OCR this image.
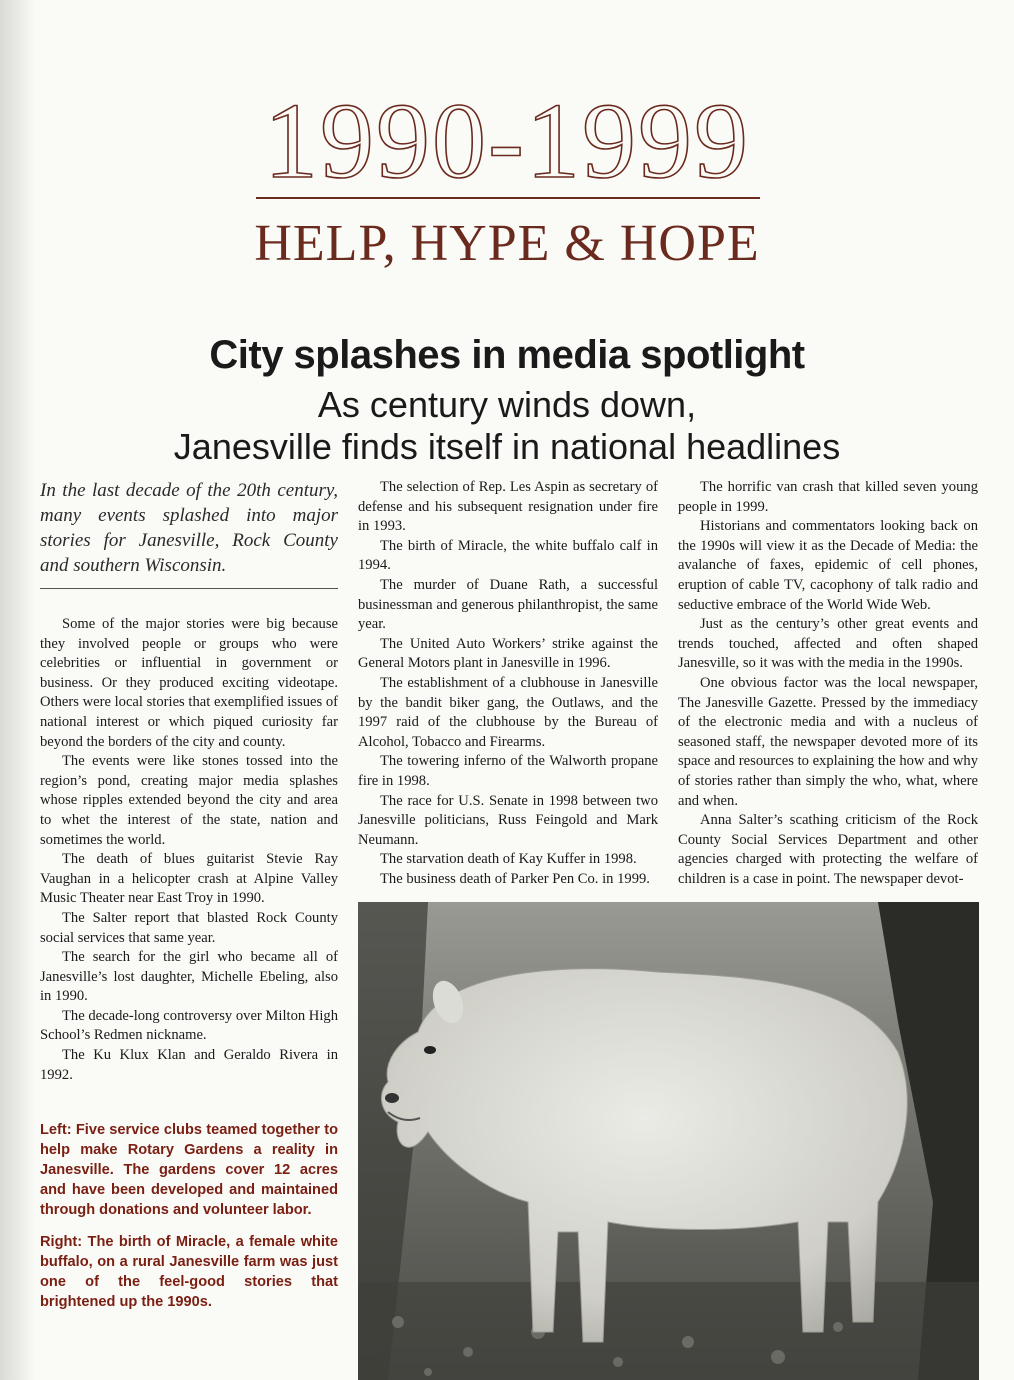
1990-1999
HELP, HYPE & HOPE
City splashes in media spotlight
As century winds down,
Janesville finds itself in national headlines

In the last decade of the 20th century, many events splashed into major stories for Janesville, Rock County and southern Wisconsin.

Some of the major stories were big because they involved people or groups who were celebrities or influential in government or business. Or they produced exciting videotape. Others were local stories that exemplified issues of national interest or which piqued curiosity far beyond the borders of the city and county.

The events were like stones tossed into the region’s pond, creating major media splashes whose ripples extended beyond the city and area to whet the interest of the state, nation and sometimes the world.

The death of blues guitarist Stevie Ray Vaughan in a helicopter crash at Alpine Valley Music Theater near East Troy in 1990.

The Salter report that blasted Rock County social services that same year.

The search for the girl who became all of Janesville’s lost daughter, Michelle Ebeling, also in 1990.

The decade-long controversy over Milton High School’s Redmen nickname.

The Ku Klux Klan and Geraldo Rivera in 1992.

The selection of Rep. Les Aspin as secretary of defense and his subsequent resignation under fire in 1993.

The birth of Miracle, the white buffalo calf in 1994.

The murder of Duane Rath, a successful businessman and generous philanthropist, the same year.

The United Auto Workers’ strike against the General Motors plant in Janesville in 1996.

The establishment of a clubhouse in Janesville by the bandit biker gang, the Outlaws, and the 1997 raid of the clubhouse by the Bureau of Alcohol, Tobacco and Firearms.

The towering inferno of the Walworth propane fire in 1998.

The race for U.S. Senate in 1998 between two Janesville politicians, Russ Feingold and Mark Neumann.

The starvation death of Kay Kuffer in 1998.

The business death of Parker Pen Co. in 1999.

The horrific van crash that killed seven young people in 1999.

Historians and commentators looking back on the 1990s will view it as the Decade of Media: the avalanche of faxes, epidemic of cell phones, eruption of cable TV, cacophony of talk radio and seductive embrace of the World Wide Web.

Just as the century’s other great events and trends touched, affected and often shaped Janesville, so it was with the media in the 1990s.

One obvious factor was the local newspaper, The Janesville Gazette. Pressed by the immediacy of the electronic media and with a nucleus of seasoned staff, the newspaper devoted more of its space and resources to explaining the how and why of stories rather than simply the who, what, where and when.

Anna Salter’s scathing criticism of the Rock County Social Services Department and other agencies charged with protecting the welfare of children is a case in point. The newspaper devot-

Left: Five service clubs teamed together to help make Rotary Gardens a reality in Janesville. The gardens cover 12 acres and have been developed and maintained through donations and volunteer labor.

Right: The birth of Miracle, a female white buffalo, on a rural Janesville farm was just one of the feel-good stories that brightened up the 1990s.
